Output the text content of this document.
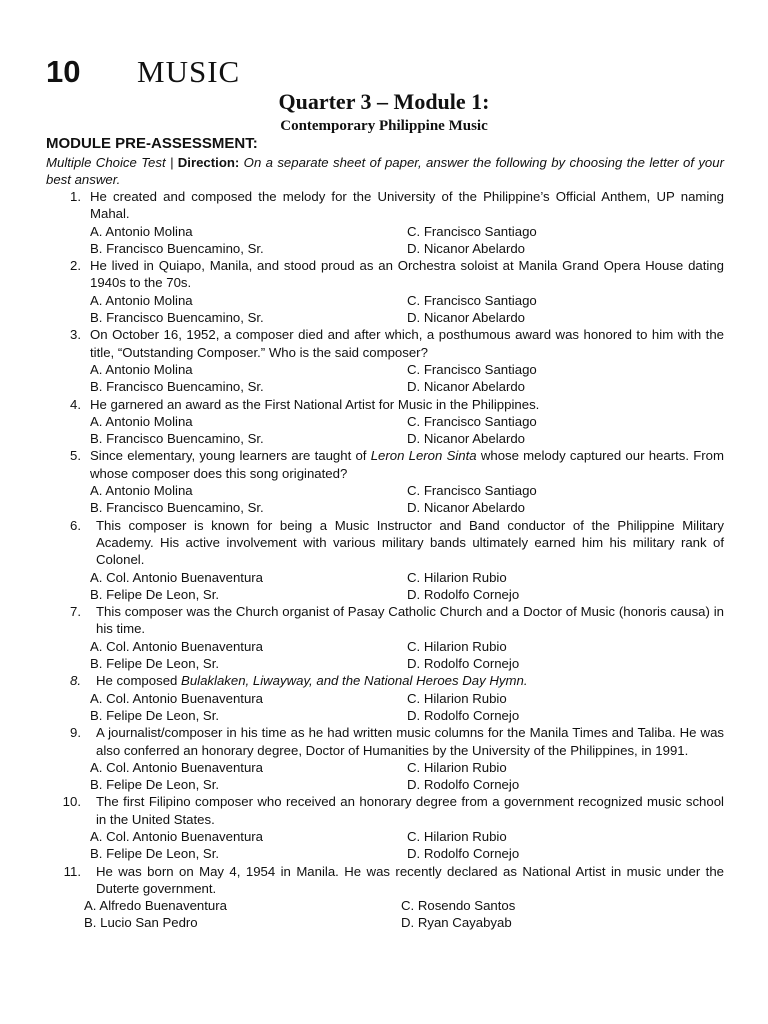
10 MUSIC
Quarter 3 – Module 1:
Contemporary Philippine Music
MODULE PRE-ASSESSMENT:
Multiple Choice Test | Direction: On a separate sheet of paper, answer the following by choosing the letter of your best answer.
1. He created and composed the melody for the University of the Philippine’s Official Anthem, UP naming Mahal.
A. Antonio Molina	C. Francisco Santiago
B. Francisco Buencamino, Sr.	D. Nicanor Abelardo
2. He lived in Quiapo, Manila, and stood proud as an Orchestra soloist at Manila Grand Opera House dating 1940s to the 70s.
A. Antonio Molina	C. Francisco Santiago
B. Francisco Buencamino, Sr.	D. Nicanor Abelardo
3. On October 16, 1952, a composer died and after which, a posthumous award was honored to him with the title, “Outstanding Composer.” Who is the said composer?
A. Antonio Molina	C. Francisco Santiago
B. Francisco Buencamino, Sr.	D. Nicanor Abelardo
4. He garnered an award as the First National Artist for Music in the Philippines.
A. Antonio Molina	C. Francisco Santiago
B. Francisco Buencamino, Sr.	D. Nicanor Abelardo
5. Since elementary, young learners are taught of Leron Leron Sinta whose melody captured our hearts. From whose composer does this song originated?
A. Antonio Molina	C. Francisco Santiago
B. Francisco Buencamino, Sr.	D. Nicanor Abelardo
6. This composer is known for being a Music Instructor and Band conductor of the Philippine Military Academy. His active involvement with various military bands ultimately earned him his military rank of Colonel.
A. Col. Antonio Buenaventura	C. Hilarion Rubio
B. Felipe De Leon, Sr.	D. Rodolfo Cornejo
7. This composer was the Church organist of Pasay Catholic Church and a Doctor of Music (honoris causa) in his time.
A. Col. Antonio Buenaventura	C. Hilarion Rubio
B. Felipe De Leon, Sr.	D. Rodolfo Cornejo
8. He composed Bulaklaken, Liwayway, and the National Heroes Day Hymn.
A. Col. Antonio Buenaventura	C. Hilarion Rubio
B. Felipe De Leon, Sr.	D. Rodolfo Cornejo
9. A journalist/composer in his time as he had written music columns for the Manila Times and Taliba. He was also conferred an honorary degree, Doctor of Humanities by the University of the Philippines, in 1991.
A. Col. Antonio Buenaventura	C. Hilarion Rubio
B. Felipe De Leon, Sr.	D. Rodolfo Cornejo
10. The first Filipino composer who received an honorary degree from a government recognized music school in the United States.
A. Col. Antonio Buenaventura	C. Hilarion Rubio
B. Felipe De Leon, Sr.	D. Rodolfo Cornejo
11. He was born on May 4, 1954 in Manila. He was recently declared as National Artist in music under the Duterte government.
A. Alfredo Buenaventura	C. Rosendo Santos
B. Lucio San Pedro	D. Ryan Cayabyab
